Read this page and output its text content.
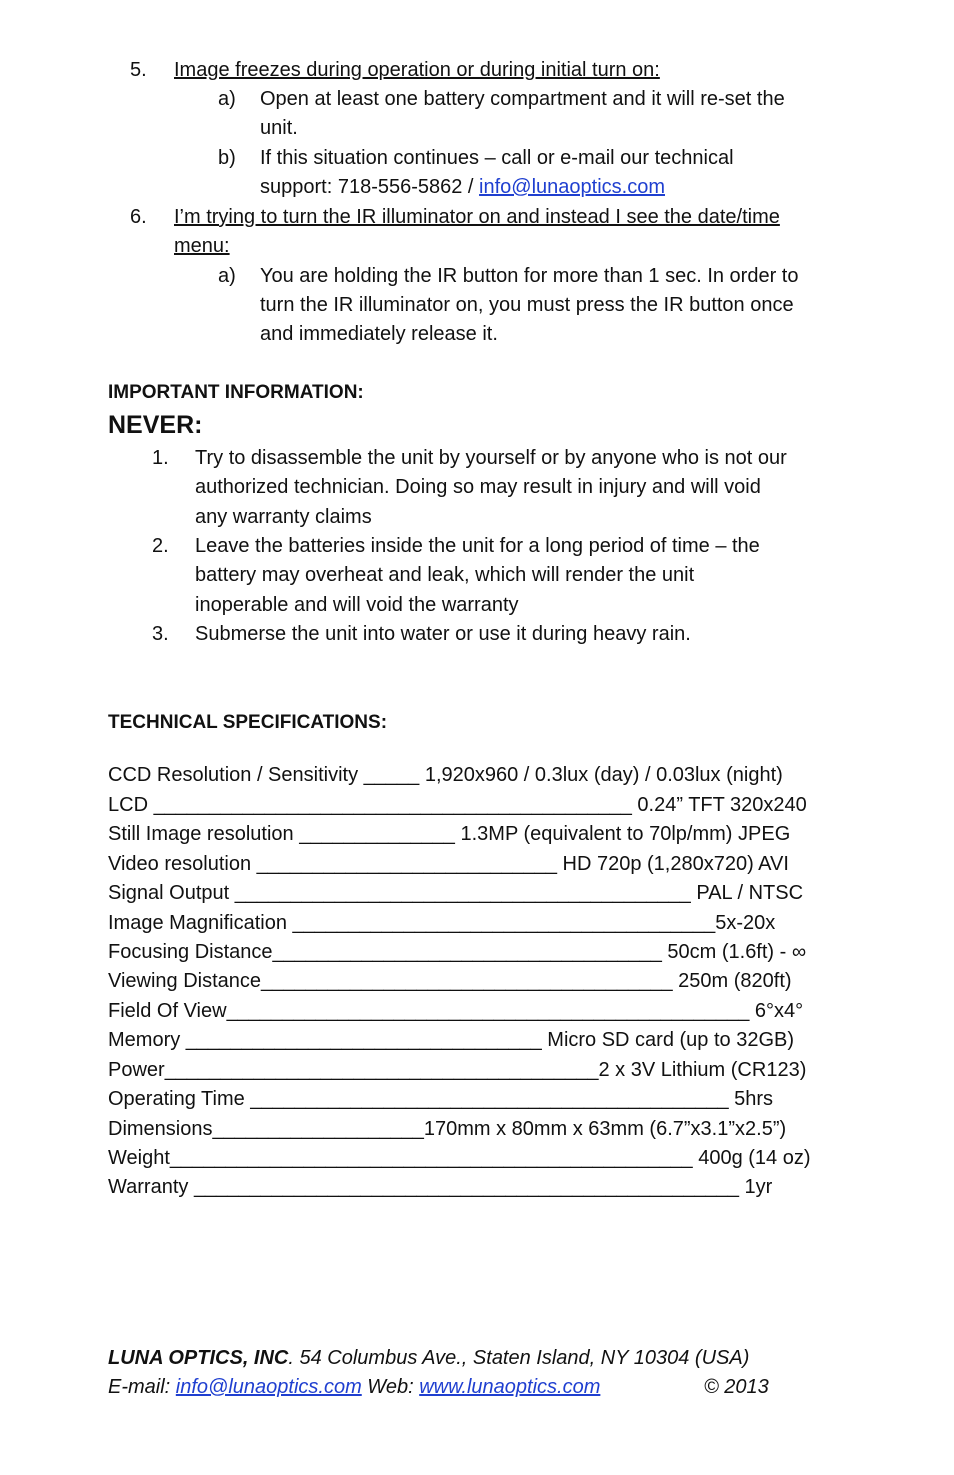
5. Image freezes during operation or during initial turn on:
a) Open at least one battery compartment and it will re-set the
unit.
b) If this situation continues – call or e-mail our technical
support: 718-556-5862 / info@lunaoptics.com
6. I’m trying to turn the IR illuminator on and instead I see the date/time
menu:
a) You are holding the IR button for more than 1 sec. In order to
turn the IR illuminator on, you must press the IR button once
and immediately release it.
IMPORTANT INFORMATION:
NEVER:
1. Try to disassemble the unit by yourself or by anyone who is not our
authorized technician. Doing so may result in injury and will void
any warranty claims
2. Leave the batteries inside the unit for a long period of time – the
battery may overheat and leak, which will render the unit
inoperable and will void the warranty
3. Submerse the unit into water or use it during heavy rain.
TECHNICAL SPECIFICATIONS:
CCD Resolution / Sensitivity _____ 1,920x960 / 0.3lux (day) / 0.03lux (night)
LCD ___________________________________________ 0.24” TFT 320x240
Still Image resolution ______________ 1.3MP (equivalent to 70lp/mm) JPEG
Video resolution ___________________________ HD 720p (1,280x720) AVI
Signal Output _________________________________________ PAL / NTSC
Image Magnification ______________________________________5x-20x
Focusing Distance___________________________________ 50cm (1.6ft) - ∞
Viewing Distance_____________________________________ 250m (820ft)
Field Of View_______________________________________________ 6°x4°
Memory ________________________________ Micro SD card (up to 32GB)
Power_______________________________________2 x 3V Lithium (CR123)
Operating Time ___________________________________________ 5hrs
Dimensions___________________170mm x 80mm x 63mm (6.7”x3.1”x2.5”)
Weight_______________________________________________ 400g (14 oz)
Warranty _________________________________________________ 1yr
LUNA OPTICS, INC. 54 Columbus Ave., Staten Island, NY 10304 (USA)
E-mail: info@lunaoptics.com Web: www.lunaoptics.com	© 2013
